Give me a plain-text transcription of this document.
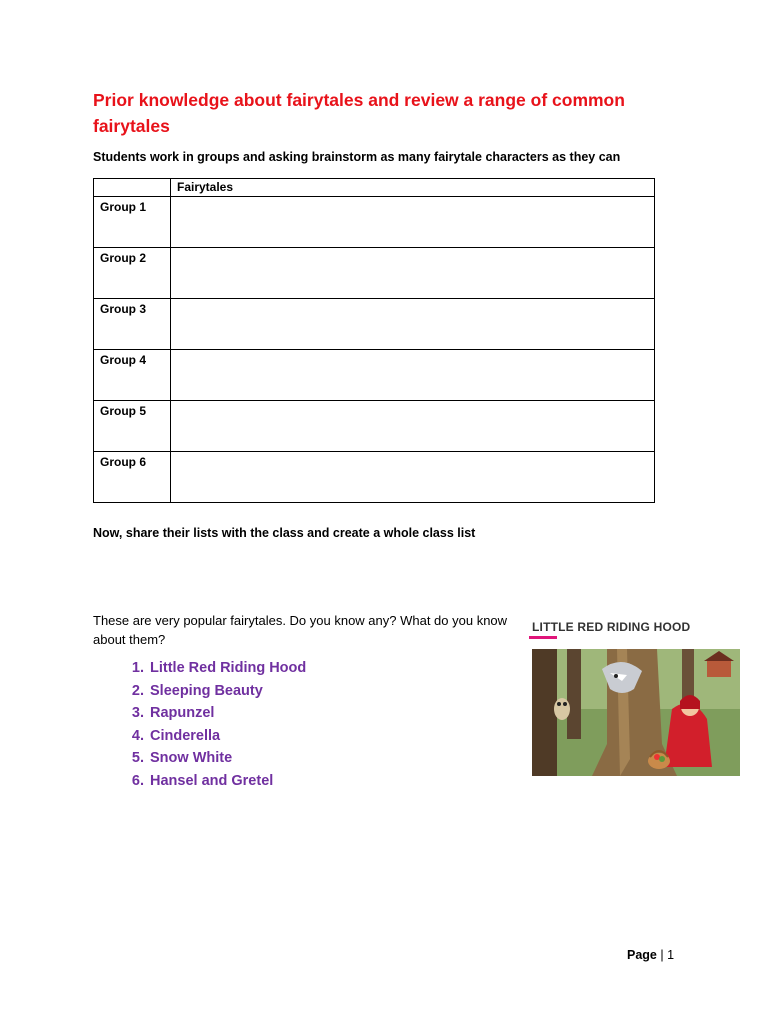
Prior knowledge about fairytales and review a range of common fairytales
Students work in groups and asking brainstorm as many fairytale characters as they can
	Fairytales
Group 1	
Group 2	
Group 3	
Group 4	
Group 5	
Group 6	
Now, share their lists with the class and create a whole class list
These are very popular fairytales. Do you know any? What do you know about them?
1. Little Red Riding Hood
2. Sleeping Beauty
3. Rapunzel
4. Cinderella
5. Snow White
6. Hansel and Gretel
LITTLE RED RIDING HOOD
Page | 1
